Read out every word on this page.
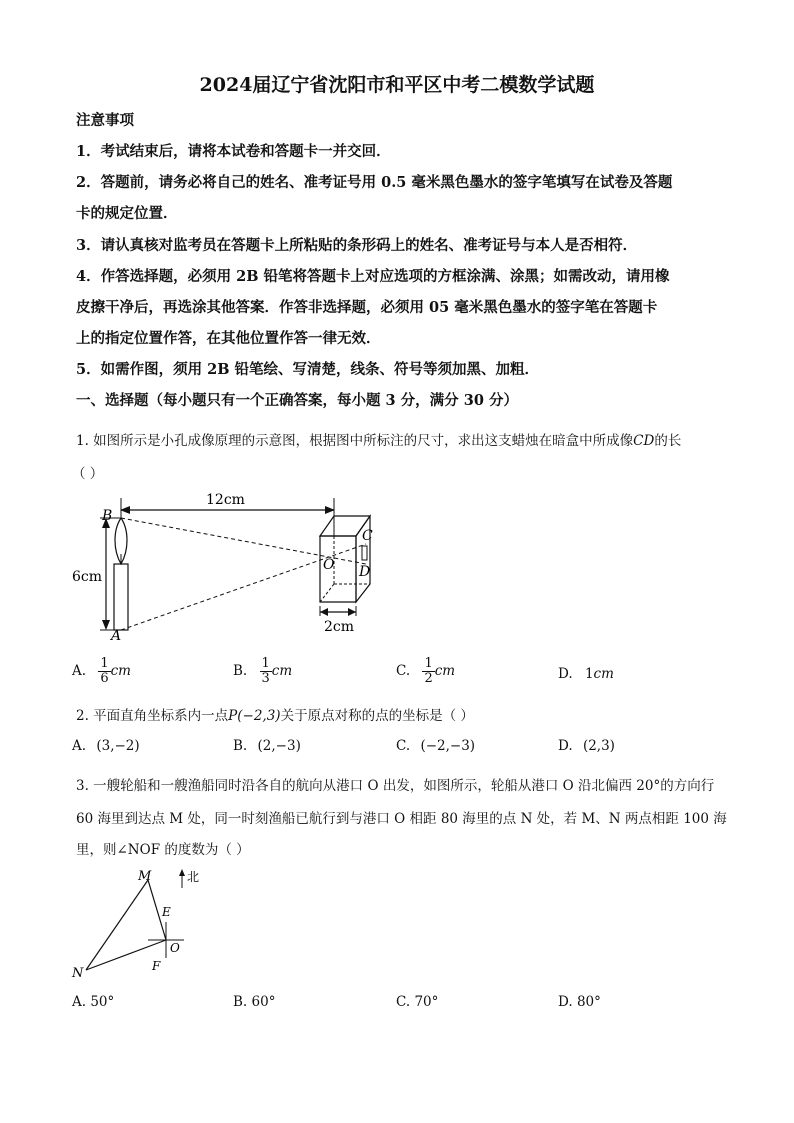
2024届辽宁省沈阳市和平区中考二模数学试题
注意事项
1．考试结束后，请将本试卷和答题卡一并交回．
2．答题前，请务必将自己的姓名、准考证号用 0.5 毫米黑色墨水的签字笔填写在试卷及答题
卡的规定位置．
3．请认真核对监考员在答题卡上所粘贴的条形码上的姓名、准考证号与本人是否相符．
4．作答选择题，必须用 2B 铅笔将答题卡上对应选项的方框涂满、涂黑；如需改动，请用橡
皮擦干净后，再选涂其他答案．作答非选择题，必须用 05 毫米黑色墨水的签字笔在答题卡
上的指定位置作答，在其他位置作答一律无效．
5．如需作图，须用 2B 铅笔绘、写清楚，线条、符号等须加黑、加粗．
一、选择题（每小题只有一个正确答案，每小题 3 分，满分 30 分）
1. 如图所示是小孔成像原理的示意图，根据图中所标注的尺寸，求出这支蜡烛在暗盒中所成像CD的长
（ ）
B
A
C
O D
12cm
6cm
2cm
A. $\frac{1}{6}$ cm	B. $\frac{1}{3}$ cm	C. $\frac{1}{2}$ cm	D. 1cm
2. 平面直角坐标系内一点P(−2,3)关于原点对称的点的坐标是（ ）
A. (3,−2)	B. (2,−3)	C. (−2,−3)	D. (2,3)
3. 一艘轮船和一艘渔船同时沿各自的航向从港口 O 出发，如图所示，轮船从港口 O 沿北偏西 20°的方向行
60 海里到达点 M 处，同一时刻渔船已航行到与港口 O 相距 80 海里的点 N 处，若 M、N 两点相距 100 海
里，则∠NOF 的度数为（ ）
北
M
N
E
O
F
A. 50°	B. 60°	C. 70°	D. 80°
